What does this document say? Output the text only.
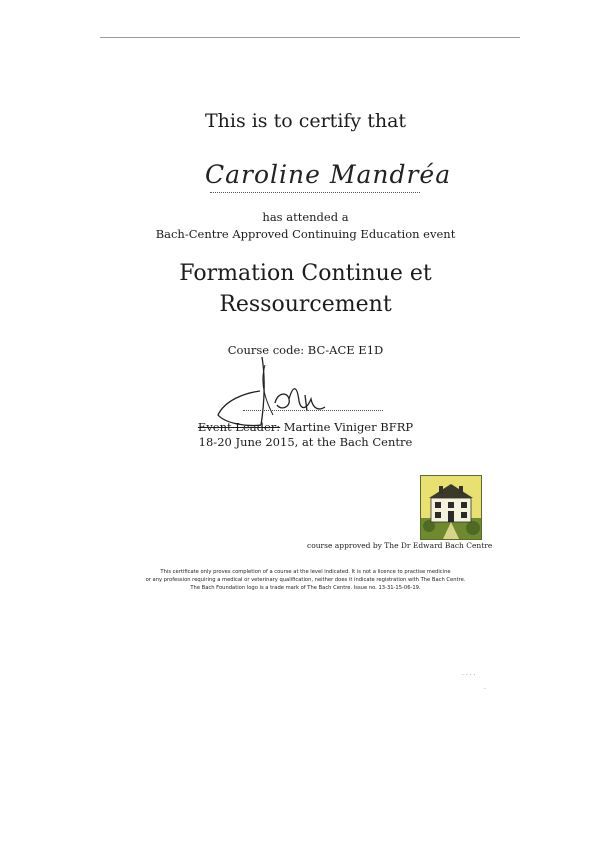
This is to certify that
Caroline Mandréa
has attended a
Bach-Centre Approved Continuing Education event
Formation Continue et
Ressourcement
Course code: BC-ACE E1D
Event Leader: Martine Viniger BFRP
18-20 June 2015, at the Bach Centre
course approved by The Dr Edward Bach Centre
This certificate only proves completion of a course at the level indicated. It is not a licence to practise medicine
or any profession requiring a medical or veterinary qualification, neither does it indicate registration with The Bach Centre.
The Bach Foundation logo is a trade mark of The Bach Centre. Issue no. 13-31-15-06-19.
· · · ·
·
